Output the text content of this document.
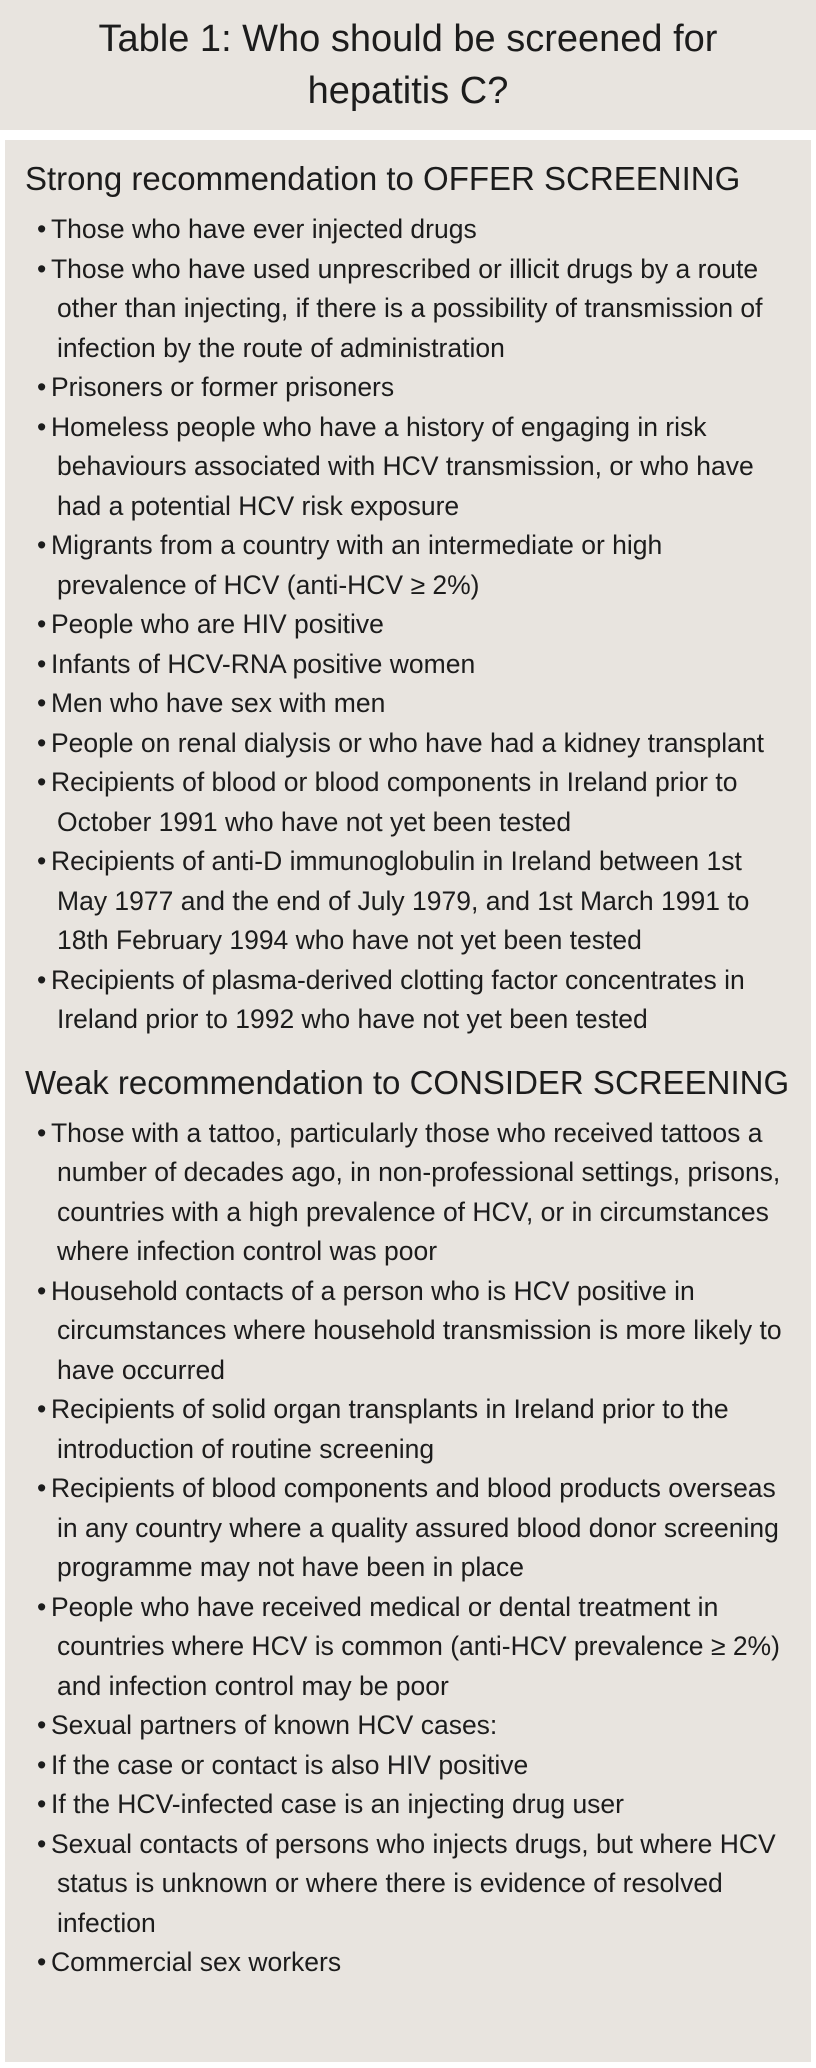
Table 1: Who should be screened for hepatitis C?
Strong recommendation to OFFER SCREENING
• Those who have ever injected drugs
• Those who have used unprescribed or illicit drugs by a route other than injecting, if there is a possibility of transmission of infection by the route of administration
• Prisoners or former prisoners
• Homeless people who have a history of engaging in risk behaviours associated with HCV transmission, or who have had a potential HCV risk exposure
• Migrants from a country with an intermediate or high prevalence of HCV (anti-HCV ≥ 2%)
• People who are HIV positive
• Infants of HCV-RNA positive women
• Men who have sex with men
• People on renal dialysis or who have had a kidney transplant
• Recipients of blood or blood components in Ireland prior to October 1991 who have not yet been tested
• Recipients of anti-D immunoglobulin in Ireland between 1st May 1977 and the end of July 1979, and 1st March 1991 to 18th February 1994 who have not yet been tested
• Recipients of plasma-derived clotting factor concentrates in Ireland prior to 1992 who have not yet been tested
Weak recommendation to CONSIDER SCREENING
• Those with a tattoo, particularly those who received tattoos a number of decades ago, in non-professional settings, prisons, countries with a high prevalence of HCV, or in circumstances where infection control was poor
• Household contacts of a person who is HCV positive in circumstances where household transmission is more likely to have occurred
• Recipients of solid organ transplants in Ireland prior to the introduction of routine screening
• Recipients of blood components and blood products overseas in any country where a quality assured blood donor screening programme may not have been in place
• People who have received medical or dental treatment in countries where HCV is common (anti-HCV prevalence ≥ 2%) and infection control may be poor
• Sexual partners of known HCV cases:
• If the case or contact is also HIV positive
• If the HCV-infected case is an injecting drug user
• Sexual contacts of persons who injects drugs, but where HCV status is unknown or where there is evidence of resolved infection
• Commercial sex workers
